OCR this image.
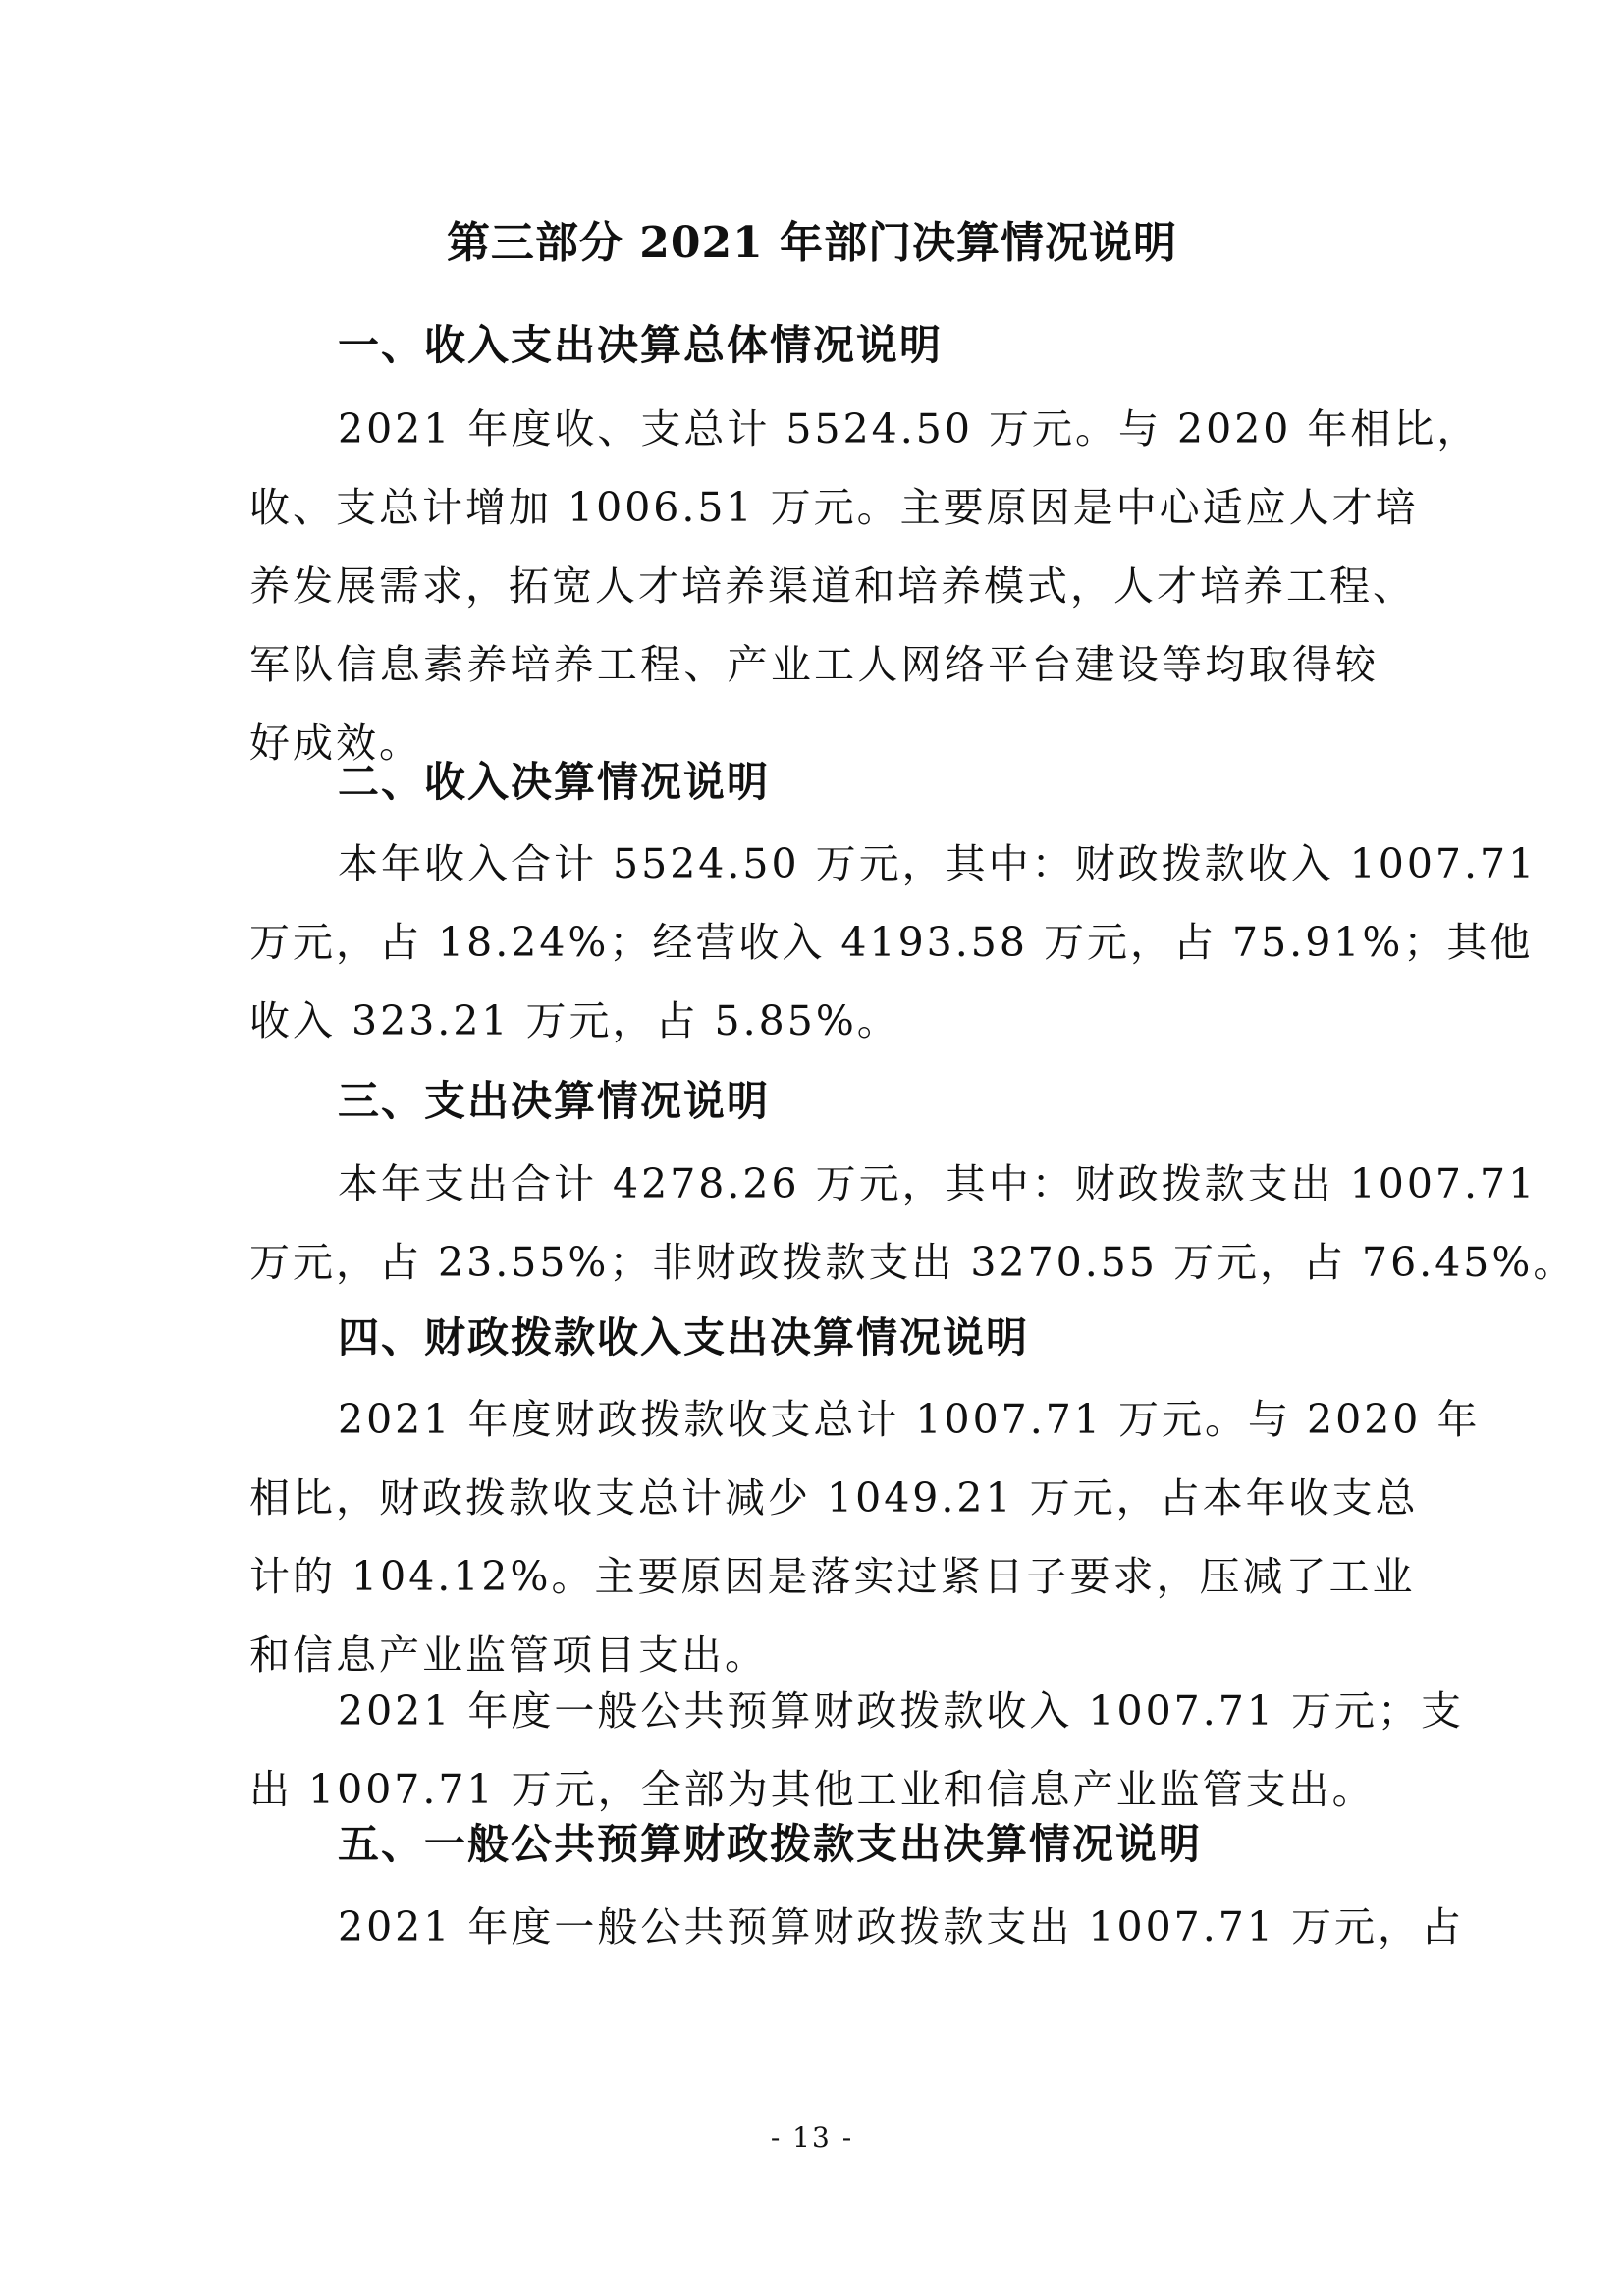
第三部分 2021 年部门决算情况说明
一、收入支出决算总体情况说明
2021 年度收、支总计 5524.50 万元。与 2020 年相比，
收、支总计增加 1006.51 万元。主要原因是中心适应人才培
养发展需求，拓宽人才培养渠道和培养模式，人才培养工程、
军队信息素养培养工程、产业工人网络平台建设等均取得较
好成效。
二、收入决算情况说明
本年收入合计 5524.50 万元，其中：财政拨款收入 1007.71
万元，占 18.24%；经营收入 4193.58 万元，占 75.91%；其他
收入 323.21 万元，占 5.85%。
三、支出决算情况说明
本年支出合计 4278.26 万元，其中：财政拨款支出 1007.71
万元，占 23.55%；非财政拨款支出 3270.55 万元，占 76.45%。
四、财政拨款收入支出决算情况说明
2021 年度财政拨款收支总计 1007.71 万元。与 2020 年
相比，财政拨款收支总计减少 1049.21 万元，占本年收支总
计的 104.12%。主要原因是落实过紧日子要求，压减了工业
和信息产业监管项目支出。
2021 年度一般公共预算财政拨款收入 1007.71 万元；支
出 1007.71 万元，全部为其他工业和信息产业监管支出。
五、一般公共预算财政拨款支出决算情况说明
2021 年度一般公共预算财政拨款支出 1007.71 万元，占
- 13 -
